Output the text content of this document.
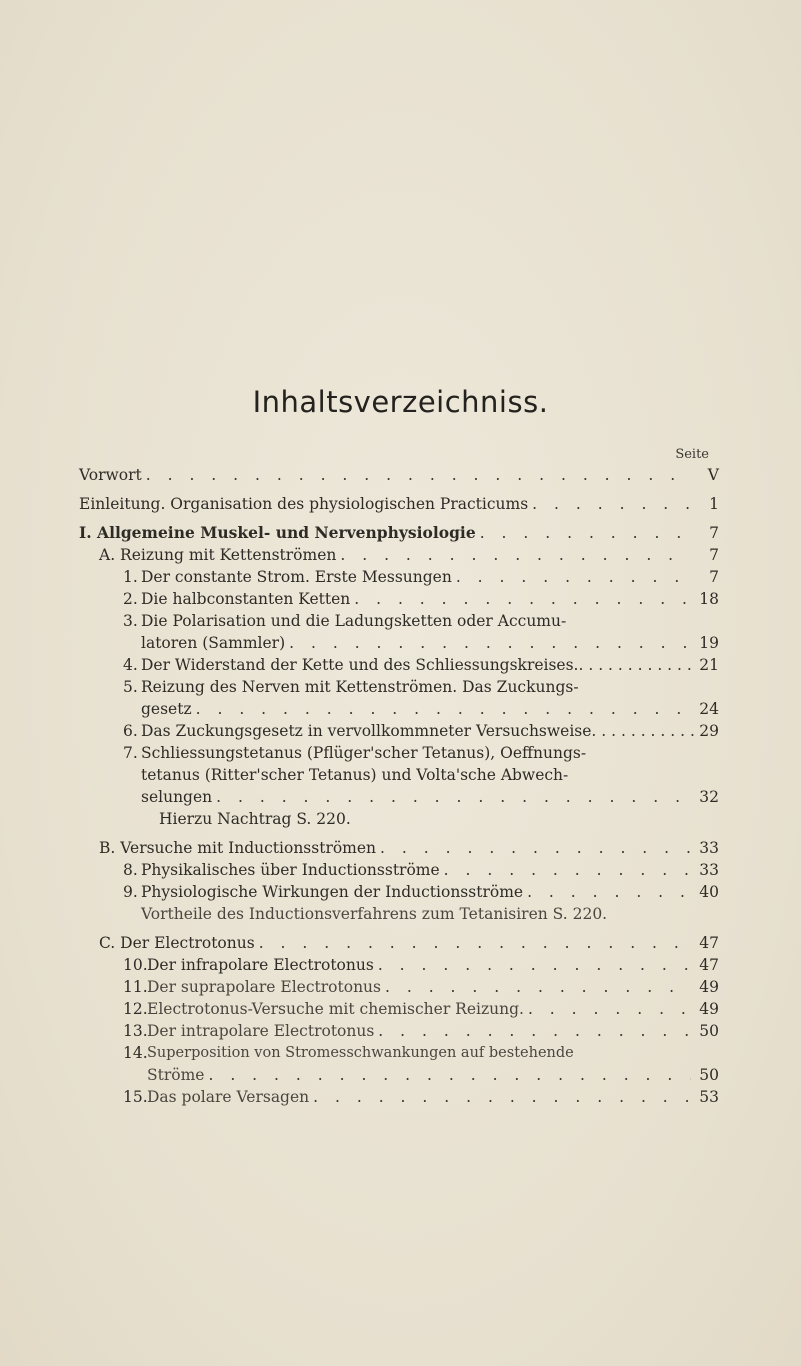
Inhaltsverzeichniss.
Seite
Vorwort . . .	V
Einleitung. Organisation des physiologischen Practicums . . .	1
I. Allgemeine Muskel- und Nervenphysiologie . . .	7
A. Reizung mit Kettenströmen . . .	7
1. Der constante Strom. Erste Messungen . . .	7
2. Die halbconstanten Ketten . . .	18
3. Die Polarisation und die Ladungsketten oder Accumu-
latoren (Sammler) . . .	19
4. Der Widerstand der Kette und des Schliessungskreises. . . .	21
5. Reizung des Nerven mit Kettenströmen. Das Zuckungs-
gesetz . . .	24
6. Das Zuckungsgesetz in vervollkommneter Versuchsweise . . .	29
7. Schliessungstetanus (Pflüger'scher Tetanus), Oeffnungs-
tetanus (Ritter'scher Tetanus) und Volta'sche Abwech-
selungen . . .	32
Hierzu Nachtrag S. 220.
B. Versuche mit Inductionsströmen . . .	33
8. Physikalisches über Inductionsströme . . .	33
9. Physiologische Wirkungen der Inductionsströme . . .	40
Vortheile des Inductionsverfahrens zum Tetanisiren S. 220.
C. Der Electrotonus . . .	47
10. Der infrapolare Electrotonus . . .	47
11. Der suprapolare Electrotonus . . .	49
12. Electrotonus-Versuche mit chemischer Reizung. . . .	49
13. Der intrapolare Electrotonus . . .	50
14. Superposition von Stromesschwankungen auf bestehende
Ströme . . .	50
15. Das polare Versagen . . .	53
